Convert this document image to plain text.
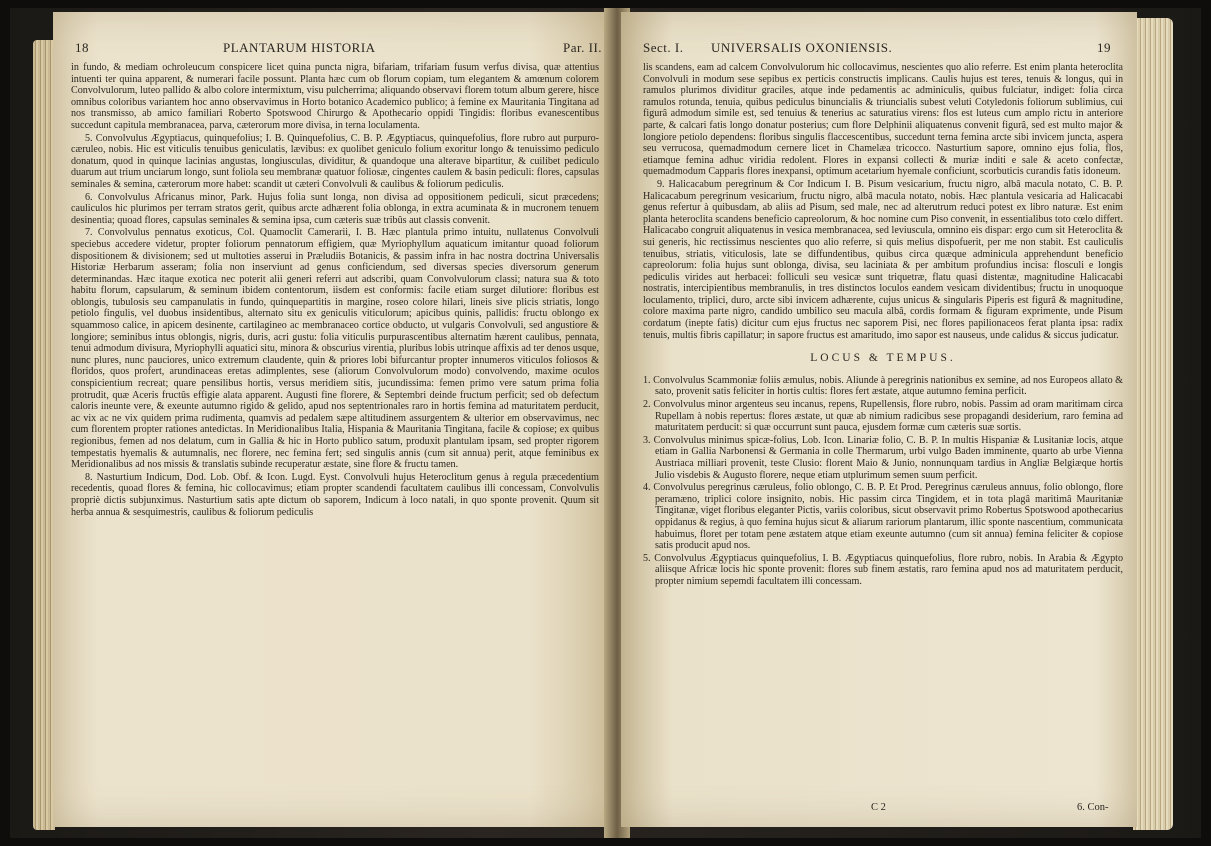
18	PLANTARUM HISTORIA	Par. II.

in fundo, & mediam ochroleucum conspicere licet quina puncta nigra, bifariam, trifariam fusum verfus divisa, quæ attentius intuenti ter quina apparent, & numerari facile possunt. Planta hæc cum ob florum copiam, tum elegantem & amœnum colorem Convolvulorum, luteo pallido & albo colore intermixtum, visu pulcherrima; aliquando observavi florem totum album gerere, hisce omnibus coloribus variantem hoc anno observavimus in Horto botanico Academico publico; à femine ex Mauritania Tingitana ad nos transmisso, ab amico familiari Roberto Spotswood Chirurgo & Apothecario oppidi Tingidis: floribus evanescentibus succedunt capitula membranacea, parva, cæterorum more divisa, in terna loculamenta.

5. Convolvulus Ægyptiacus, quinquefolius; I. B. Quinquefolius, C. B. P. Ægyptiacus, quinquefolius, flore rubro aut purpuro-cæruleo, nobis. Hic est viticulis tenuibus geniculatis, lævibus: ex quolibet geniculo folium exoritur longo & tenuissimo pediculo donatum, quod in quinque lacinias angustas, longiusculas, dividitur, & quandoque una alterave bipartitur, & cuilibet pediculo duarum aut trium unciarum longo, sunt foliola seu membranæ quatuor foliosæ, cingentes caulem & basin pediculi: flores, capsulas seminales & semina, cæterorum more habet: scandit ut cæteri Convolvuli & caulibus & foliorum pediculis.

6. Convolvulus Africanus minor, Park. Hujus folia sunt longa, non divisa ad oppositionem pediculi, sicut præcedens; cauliculos hic plurimos per terram stratos gerit, quibus arcte adhærent folia oblonga, in extra acuminata & in mucronem tenuem desinentia; quoad flores, capsulas seminales & semina ipsa, cum cæteris suæ tribûs aut classis convenit.

7. Convolvulus pennatus exoticus, Col. Quamoclit Camerarii, I. B. Hæc plantula primo intuitu, nullatenus Convolvuli speciebus accedere videtur, propter foliorum pennatorum effigiem, quæ Myriophyllum aquaticum imitantur quoad foliorum dispositionem & divisionem; sed ut multoties asserui in Præludiis Botanicis, & passim infra in hac nostra doctrina Universalis Historiæ Herbarum asseram; folia non inserviunt ad genus conficiendum, sed diversas species diversorum generum determinandas. Hæc itaque exotica nec poterit alii generi referri aut adscribi, quam Convolvulorum classi; natura sua & toto habitu florum, capsularum, & seminum ibidem contentorum, iisdem est conformis: facile etiam surget dilutiore: floribus est oblongis, tubulosis seu campanulatis in fundo, quinquepartitis in margine, roseo colore hilari, lineis sive plicis striatis, longo petiolo fingulis, vel duobus insidentibus, alternato situ ex geniculis viticulorum; apicibus quinis, pallidis: fructu oblongo ex squammoso calice, in apicem desinente, cartilagineo ac membranaceo cortice obducto, ut vulgaris Convolvuli, sed angustiore & longiore; seminibus intus oblongis, nigris, duris, acri gustu: folia viticulis purpurascentibus alternatim hærent caulibus, pennata, tenui admodum divisura, Myriophylli aquatici situ, minora & obscurius virentia, pluribus lobis utrinque affixis ad ter denos usque, nunc plures, nunc pauciores, unico extremum claudente, quin & priores lobi bifurcantur propter innumeros viticulos foliosos & floridos, quos profert, arundinaceas eretas adimplentes, sese (aliorum Convolvulorum modo) convolvendo, maxime oculos conspicientium recreat; quare pensilibus hortis, versus meridiem sitis, jucundissima: femen primo vere satum prima folia protrudit, quæ Aceris fructûs effigie alata apparent. Augusti fine florere, & Septembri deinde fructum perficit; sed ob defectum caloris ineunte vere, & exeunte autumno rigido & gelido, apud nos septentrionales raro in hortis femina ad maturitatem perducit, ac vix ac ne vix quidem prima rudimenta, quamvis ad pedalem sæpe altitudinem assurgentem & ulterior em observavimus, nec cum florentem propter rationes antedictas. In Meridionalibus Italia, Hispania & Mauritania Tingitana, facile & copiose; ex quibus regionibus, femen ad nos delatum, cum in Gallia & hic in Horto publico satum, produxit plantulam ipsam, sed propter rigorem tempestatis hyemalis & autumnalis, nec florere, nec femina fert; sed singulis annis (cum sit annua) perit, atque feminibus ex Meridionalibus ad nos missis & translatis subinde recuperatur æstate, sine flore & fructu tamen.

8. Nasturtium Indicum, Dod. Lob. Obf. & Icon. Lugd. Eyst. Convolvuli hujus Heteroclitum genus à regula præcedentium recedentis, quoad flores & femina, hic collocavimus; etiam propter scandendi facultatem caulibus illi concessam, Convolvulis propriè dictis subjunximus. Nasturtium satis apte dictum ob saporem, Indicum à loco natali, in quo sponte provenit. Quum sit herba annua & sesquimestris, caulibus & foliorum pediculis

Sect. I. UNIVERSALIS OXONIENSIS.	19

lis scandens, eam ad calcem Convolvulorum hic collocavimus, nescientes quo alio referre. Est enim planta heteroclita Convolvuli in modum sese sepibus ex perticis constructis implicans. Caulis hujus est teres, tenuis & longus, qui in ramulos plurimos dividitur graciles, atque inde pedamentis ac adminiculis, quibus fulciatur, indiget: folia circa ramulos rotunda, tenuia, quibus pediculus binuncialis & triuncialis subest veluti Cotyledonis foliorum sublimius, cui figurâ admodum simile est, sed tenuius & tenerius ac saturatius virens: flos est luteus cum amplo rictu in anteriore parte, & calcari fatis longo donatur posterius; cum flore Delphinii aliquatenus convenit figurâ, sed est multo major & longiore petiolo dependens: floribus singulis flaccescentibus, succedunt terna femina arcte sibi invicem juncta, aspera seu verrucosa, quemadmodum cernere licet in Chamelæa tricocco. Nasturtium sapore, omnino ejus folia, flos, etiamque femina adhuc viridia redolent. Flores in expansi collecti & muriæ inditi e sale & aceto confectæ, quemadmodum Capparis flores inexpansi, optimum acetarium hyemale conficiunt, scorbuticis curandis fatis idoneum.

9. Halicacabum peregrinum & Cor Indicum I. B. Pisum vesicarium, fructu nigro, albâ macula notato, C. B. P. Halicacabum peregrinum vesicarium, fructu nigro, albâ macula notato, nobis. Hæc plantula vesicaria ad Halicacabi genus refertur à quibusdam, ab aliis ad Pisum, sed male, nec ad alterutrum reduci potest ex libro naturæ. Est enim planta heteroclita scandens beneficio capreolorum, & hoc nomine cum Piso convenit, in essentialibus toto cœlo differt. Halicacabo congruit aliquatenus in vesica membranacea, sed leviuscula, omnino eis dispar: ergo cum sit Heteroclita & sui generis, hic rectissimus nescientes quo alio referre, si quis melius dispofuerit, per me non stabit. Est cauliculis tenuibus, striatis, viticulosis, late se diffundentibus, quibus circa quæque adminicula apprehendunt beneficio capreolorum: folia hujus sunt oblonga, divisa, seu laciniata & per ambitum profundius incisa: flosculi e longis pediculis virides aut herbacei: folliculi seu vesicæ sunt triquetræ, flatu quasi distentæ, magnitudine Halicacabi nostratis, intercipientibus membranulis, in tres distinctos loculos eandem vesicam dividentibus; fructu in unoquoque loculamento, triplici, duro, arcte sibi invicem adhærente, cujus unicus & singularis Piperis est figurâ & magnitudine, colore maxima parte nigro, candido umbilico seu macula albâ, cordis formam & figuram exprimente, unde Pisum cordatum (inepte fatis) dicitur cum ejus fructus nec saporem Pisi, nec flores papilionaceos ferat planta ipsa: radix tenuis, multis fibris capillatur; in sapore fructus est amaritudo, imo sapor est nauseus, unde calidus & siccus judicatur.

LOCUS & TEMPUS.
1. Convolvulus Scammoniæ foliis æmulus, nobis. Aliunde à peregrinis nationibus ex semine, ad nos Europeos allato & sato, provenit satis feliciter in hortis cultis: flores fert æstate, atque autumno femina perficit.
2. Convolvulus minor argenteus seu incanus, repens, Rupellensis, flore rubro, nobis. Passim ad oram maritimam circa Rupellam à nobis repertus: flores æstate, ut quæ ab nimium radicibus sese propagandi desiderium, raro femina ad maturitatem perducit: si quæ occurrunt sunt pauca, ejusdem formæ cum cæteris suæ sortis.
3. Convolvulus minimus spicæ-folius, Lob. Icon. Linariæ folio, C. B. P. In multis Hispaniæ & Lusitaniæ locis, atque etiam in Gallia Narbonensi & Germania in colle Thermarum, urbi vulgo Baden imminente, quarto ab urbe Vienna Austriaca milliari provenit, teste Clusio: florent Maio & Junio, nonnunquam tardius in Angliæ Belgiæque hortis Julio visdebis & Augusto florere, neque etiam utplurimum semen suum perficit.
4. Convolvulus peregrinus cæruleus, folio oblongo, C. B. P. Et Prod. Peregrinus cæruleus annuus, folio oblongo, flore peramæno, triplici colore insignito, nobis. Hic passim circa Tingidem, et in tota plagâ maritimâ Mauritaniæ Tingitanæ, viget floribus eleganter Pictis, variis coloribus, sicut observavit primo Robertus Spotswood apothecarius oppidanus & regius, à quo femina hujus sicut & aliarum rariorum plantarum, illic sponte nascentium, communicata habuimus, floret per totam pene æstatem atque etiam exeunte autumno (cum sit annua) femina feliciter & copiose satis producit apud nos.
5. Convolvulus Ægyptiacus quinquefolius, I. B. Ægyptiacus quinquefolius, flore rubro, nobis. In Arabia & Ægypto aliisque Africæ locis hic sponte provenit: flores sub finem æstatis, raro femina apud nos ad maturitatem perducit, propter nimium sepemdi facultatem illi concessam.
C 2	6. Con-
